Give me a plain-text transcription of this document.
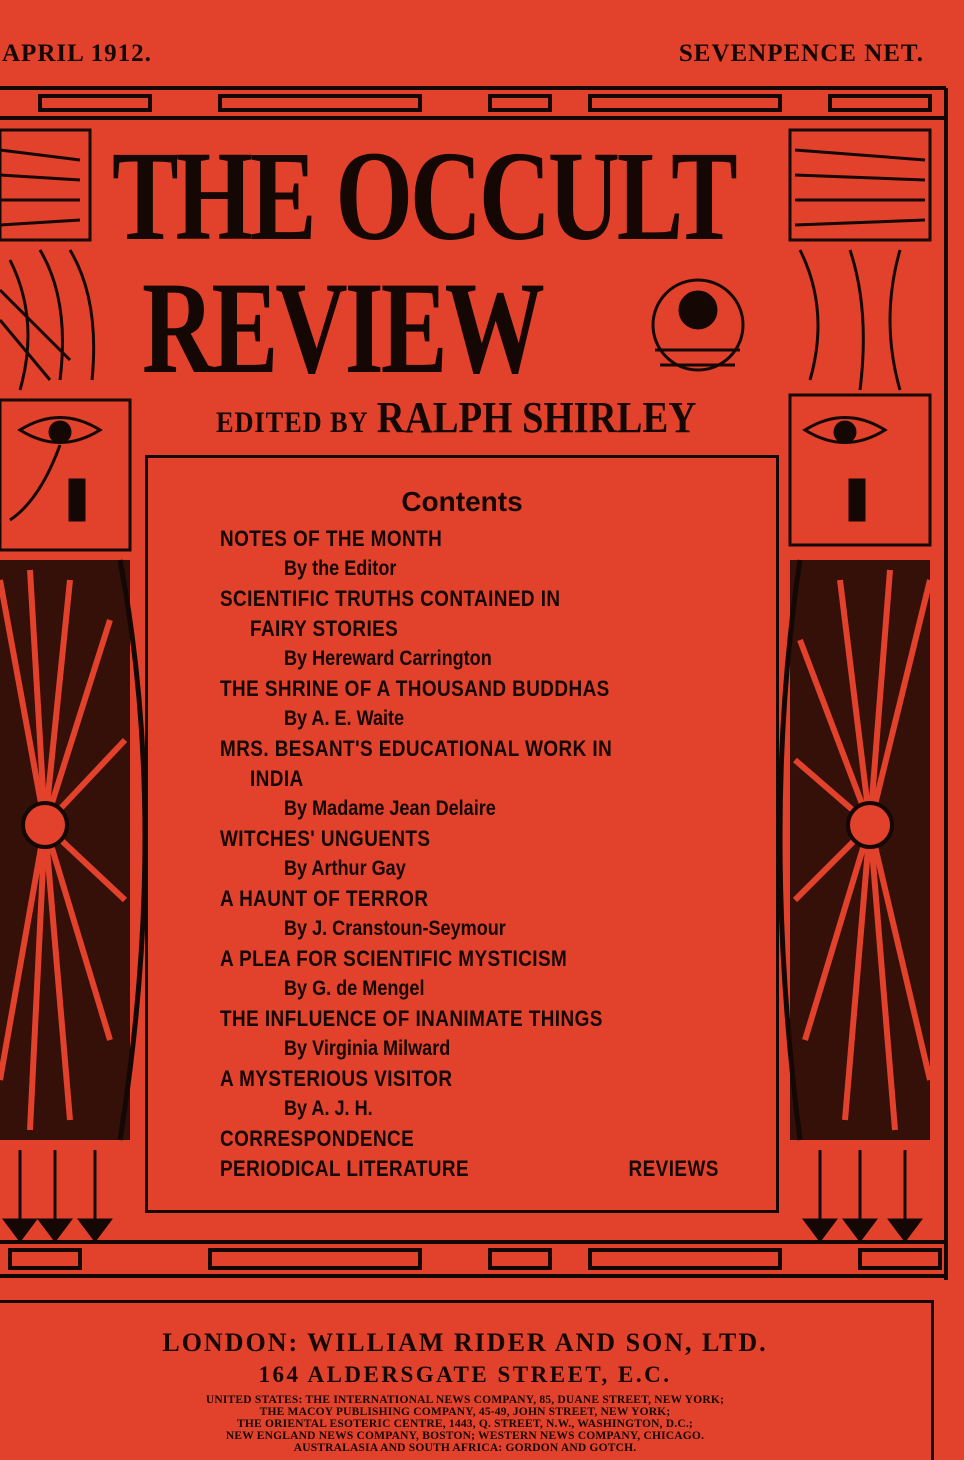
APRIL 1912.	SEVENPENCE NET.
THE OCCULT
REVIEW
EDITED BY RALPH SHIRLEY
Contents
NOTES OF THE MONTH
By the Editor
SCIENTIFIC TRUTHS CONTAINED IN
FAIRY STORIES
By Hereward Carrington
THE SHRINE OF A THOUSAND BUDDHAS
By A. E. Waite
MRS. BESANT'S EDUCATIONAL WORK IN
INDIA
By Madame Jean Delaire
WITCHES' UNGUENTS
By Arthur Gay
A HAUNT OF TERROR
By J. Cranstoun-Seymour
A PLEA FOR SCIENTIFIC MYSTICISM
By G. de Mengel
THE INFLUENCE OF INANIMATE THINGS
By Virginia Milward
A MYSTERIOUS VISITOR
By A. J. H.
CORRESPONDENCE
PERIODICAL LITERATURE	REVIEWS
LONDON: WILLIAM RIDER AND SON, LTD.
164 ALDERSGATE STREET, E.C.
UNITED STATES: THE INTERNATIONAL NEWS COMPANY, 85, DUANE STREET, NEW YORK;
THE MACOY PUBLISHING COMPANY, 45-49, JOHN STREET, NEW YORK;
THE ORIENTAL ESOTERIC CENTRE, 1443, Q. STREET, N.W., WASHINGTON, D.C.;
NEW ENGLAND NEWS COMPANY, BOSTON; WESTERN NEWS COMPANY, CHICAGO.
AUSTRALASIA AND SOUTH AFRICA: GORDON AND GOTCH.
